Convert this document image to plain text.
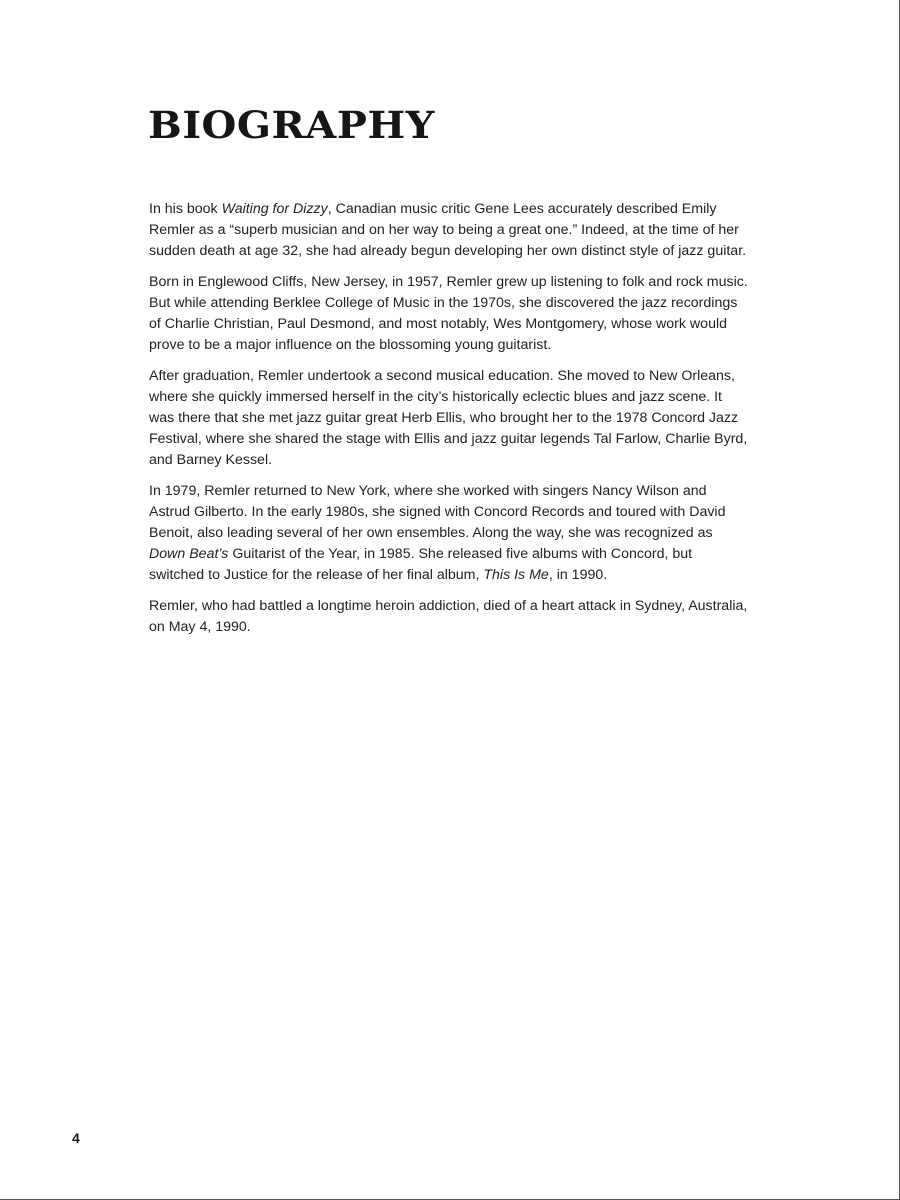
BIOGRAPHY

In his book Waiting for Dizzy, Canadian music critic Gene Lees accurately described Emily Remler as a “superb musician and on her way to being a great one.” Indeed, at the time of her sudden death at age 32, she had already begun developing her own distinct style of jazz guitar.

Born in Englewood Cliffs, New Jersey, in 1957, Remler grew up listening to folk and rock music. But while attending Berklee College of Music in the 1970s, she discovered the jazz recordings of Charlie Christian, Paul Desmond, and most notably, Wes Montgomery, whose work would prove to be a major influence on the blossoming young guitarist.

After graduation, Remler undertook a second musical education. She moved to New Orleans, where she quickly immersed herself in the city’s historically eclectic blues and jazz scene. It was there that she met jazz guitar great Herb Ellis, who brought her to the 1978 Concord Jazz Festival, where she shared the stage with Ellis and jazz guitar legends Tal Farlow, Charlie Byrd, and Barney Kessel.

In 1979, Remler returned to New York, where she worked with singers Nancy Wilson and Astrud Gilberto. In the early 1980s, she signed with Concord Records and toured with David Benoit, also leading several of her own ensembles. Along the way, she was recognized as Down Beat’s Guitarist of the Year, in 1985. She released five albums with Concord, but switched to Justice for the release of her final album, This Is Me, in 1990.

Remler, who had battled a longtime heroin addiction, died of a heart attack in Sydney, Australia, on May 4, 1990.

4
